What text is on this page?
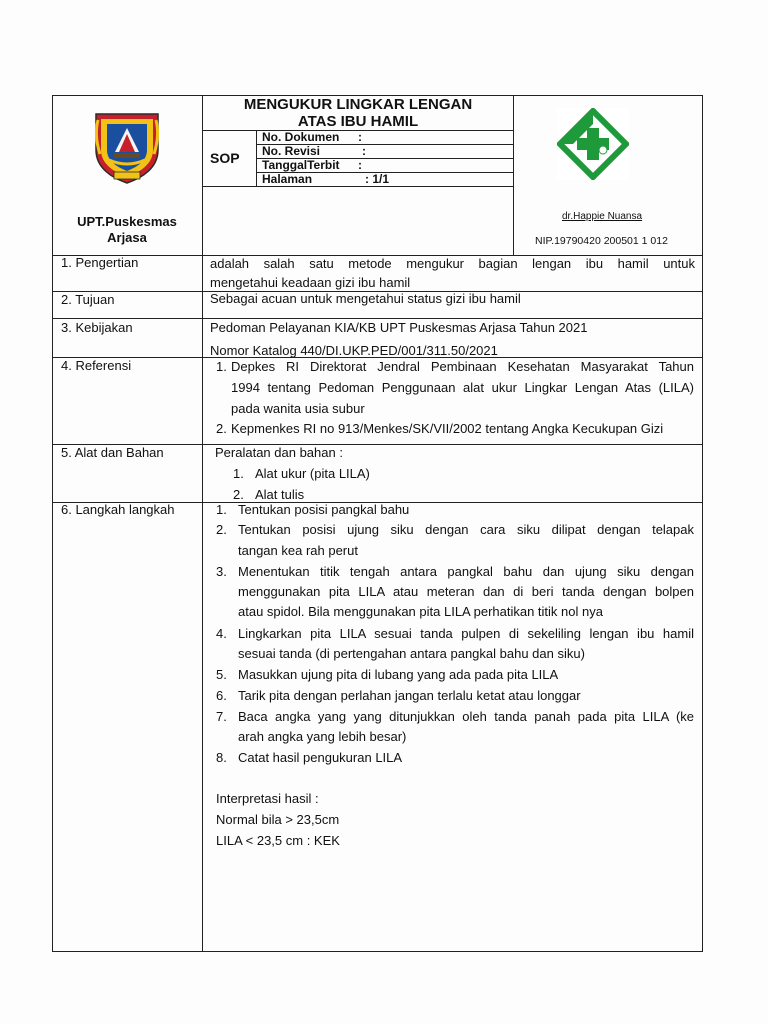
MENGUKUR LINGKAR LENGAN
ATAS IBU HAMIL
SOP
No. Dokumen :
No. Revisi	:
TanggalTerbit :
Halaman	: 1/1
UPT.Puskesmas
Arjasa
dr.Happie Nuansa
NIP.19790420 200501 1 012
1. Pengertian	adalah salah satu metode mengukur bagian lengan ibu hamil untuk
mengetahui keadaan gizi ibu hamil
2. Tujuan	Sebagai acuan untuk mengetahui status gizi ibu hamil
3. Kebijakan	Pedoman Pelayanan KIA/KB UPT Puskesmas Arjasa Tahun 2021
Nomor Katalog 440/DI.UKP.PED/001/311.50/2021
4. Referensi	1. Depkes RI Direktorat Jendral Pembinaan Kesehatan Masyarakat Tahun
1994 tentang Pedoman Penggunaan alat ukur Lingkar Lengan Atas (LILA)
pada wanita usia subur
2. Kepmenkes RI no 913/Menkes/SK/VII/2002 tentang Angka Kecukupan Gizi
5. Alat dan Bahan	Peralatan dan bahan :
1. Alat ukur (pita LILA)
2. Alat tulis
6. Langkah langkah	1. Tentukan posisi pangkal bahu
2. Tentukan posisi ujung siku dengan cara siku dilipat dengan telapak
tangan kea rah perut
3. Menentukan titik tengah antara pangkal bahu dan ujung siku dengan
menggunakan pita LILA atau meteran dan di beri tanda dengan bolpen
atau spidol. Bila menggunakan pita LILA perhatikan titik nol nya
4. Lingkarkan pita LILA sesuai tanda pulpen di sekeliling lengan ibu hamil
sesuai tanda (di pertengahan antara pangkal bahu dan siku)
5. Masukkan ujung pita di lubang yang ada pada pita LILA
6. Tarik pita dengan perlahan jangan terlalu ketat atau longgar
7. Baca angka yang yang ditunjukkan oleh tanda panah pada pita LILA (ke
arah angka yang lebih besar)
8. Catat hasil pengukuran LILA
Interpretasi hasil :
Normal bila > 23,5cm
LILA < 23,5 cm : KEK
